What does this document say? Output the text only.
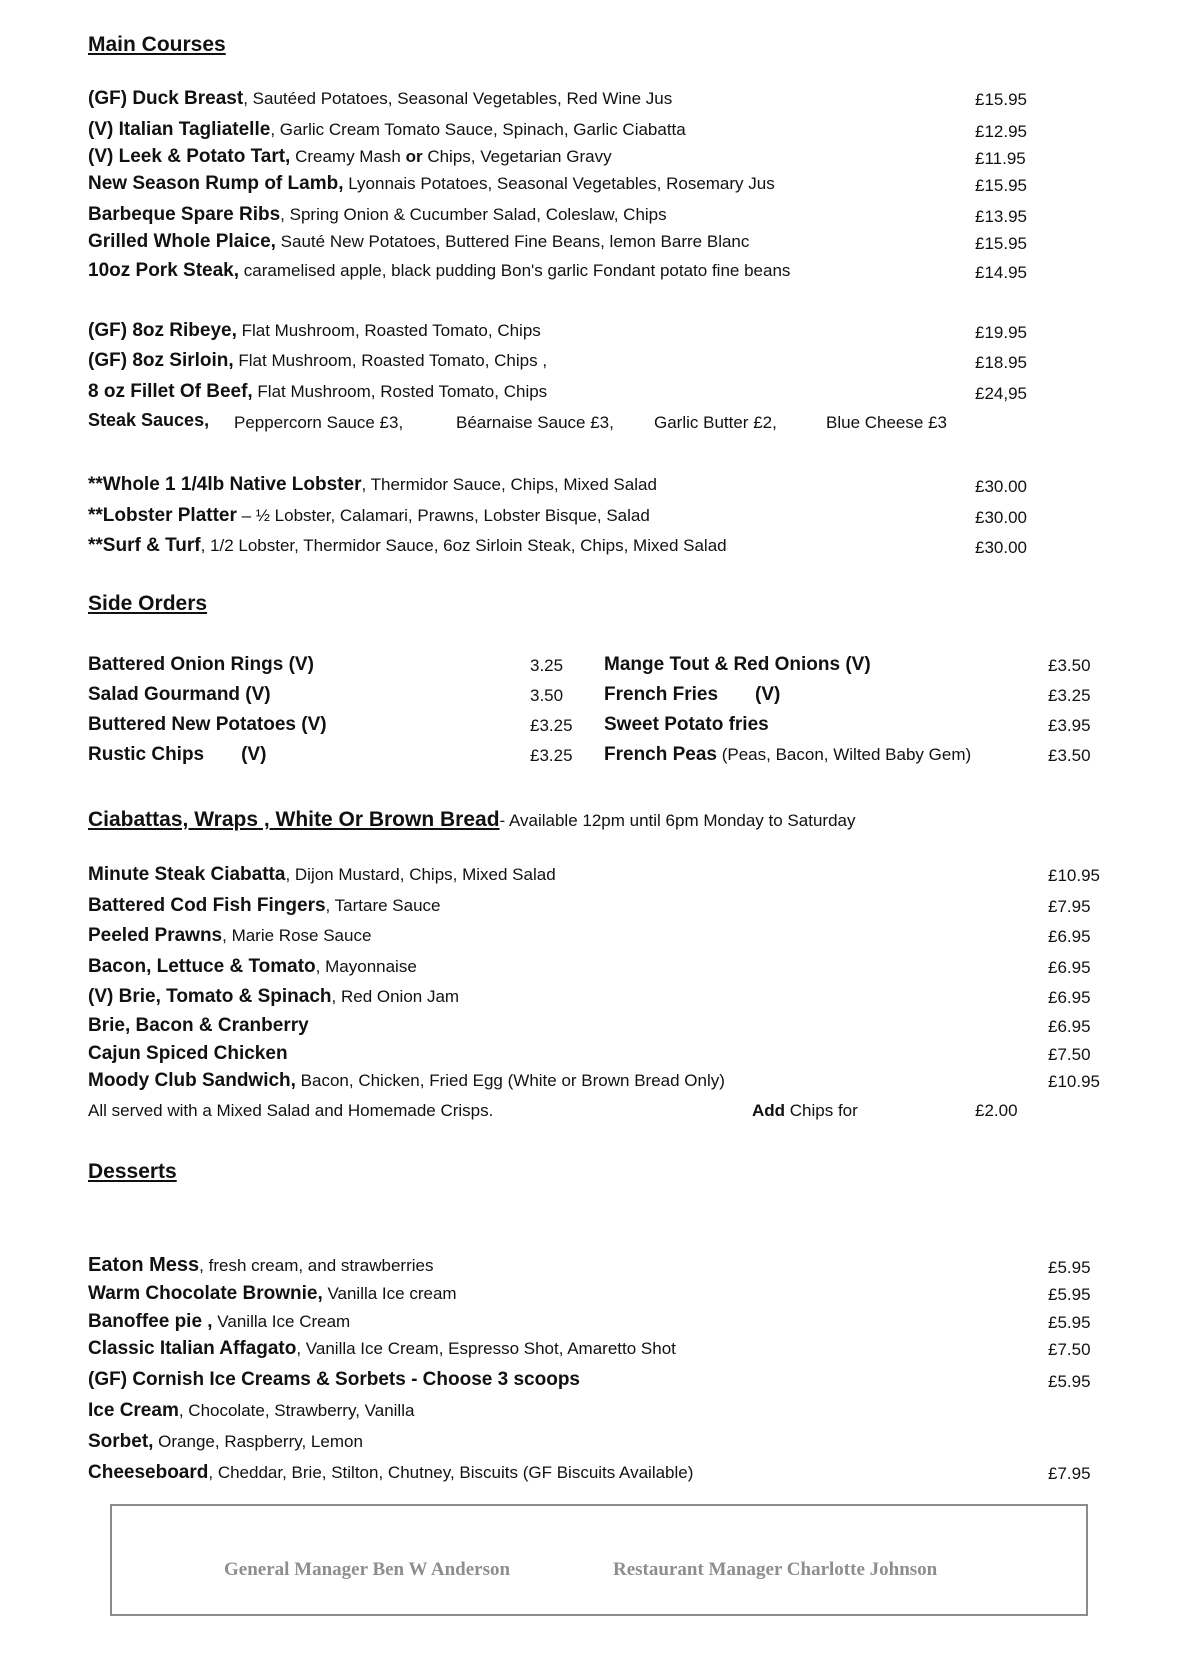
Main Courses
(GF) Duck Breast, Sautéed Potatoes, Seasonal Vegetables, Red Wine Jus	£15.95
(V) Italian Tagliatelle, Garlic Cream Tomato Sauce, Spinach, Garlic Ciabatta	£12.95
(V) Leek & Potato Tart, Creamy Mash or Chips, Vegetarian Gravy	£11.95
New Season Rump of Lamb, Lyonnais Potatoes, Seasonal Vegetables, Rosemary Jus	£15.95
Barbeque Spare Ribs, Spring Onion & Cucumber Salad, Coleslaw, Chips	£13.95
Grilled Whole Plaice, Sauté New Potatoes, Buttered Fine Beans, lemon Barre Blanc	£15.95
10oz Pork Steak, caramelised apple, black pudding Bon's garlic Fondant potato fine beans	£14.95
(GF) 8oz Ribeye, Flat Mushroom, Roasted Tomato, Chips	£19.95
(GF) 8oz Sirloin, Flat Mushroom, Roasted Tomato, Chips ,	£18.95
8 oz Fillet Of Beef, Flat Mushroom, Rosted Tomato, Chips	£24,95
Steak Sauces, Peppercorn Sauce £3,	Béarnaise Sauce £3, Garlic Butter £2,	Blue Cheese £3
**Whole 1 1/4lb Native Lobster, Thermidor Sauce, Chips, Mixed Salad	£30.00
**Lobster Platter – ½ Lobster, Calamari, Prawns, Lobster Bisque, Salad	£30.00
**Surf & Turf, 1/2 Lobster, Thermidor Sauce, 6oz Sirloin Steak, Chips, Mixed Salad	£30.00
Side Orders
Battered Onion Rings (V)	3.25
Salad Gourmand (V)	3.50
Buttered New Potatoes (V)	£3.25
Rustic Chips       (V)	£3.25
Mange Tout & Red Onions (V)	£3.50
French Fries       (V)	£3.25
Sweet Potato fries	£3.95
French Peas (Peas, Bacon, Wilted Baby Gem)	£3.50
Ciabattas, Wraps , White Or Brown Bread- Available 12pm until 6pm Monday to Saturday
Minute Steak Ciabatta, Dijon Mustard, Chips, Mixed Salad	£10.95
Battered Cod Fish Fingers, Tartare Sauce	£7.95
Peeled Prawns, Marie Rose Sauce	£6.95
Bacon, Lettuce & Tomato, Mayonnaise	£6.95
(V) Brie, Tomato & Spinach, Red Onion Jam	£6.95
Brie, Bacon & Cranberry	£6.95
Cajun Spiced Chicken	£7.50
Moody Club Sandwich, Bacon, Chicken, Fried Egg (White or Brown Bread Only)	£10.95
All served with a Mixed Salad and Homemade Crisps.	Add Chips for	£2.00
Desserts
Eaton Mess, fresh cream, and strawberries	£5.95
Warm Chocolate Brownie, Vanilla Ice cream	£5.95
Banoffee pie , Vanilla Ice Cream	£5.95
Classic Italian Affagato, Vanilla Ice Cream, Espresso Shot, Amaretto Shot	£7.50
(GF) Cornish Ice Creams & Sorbets - Choose 3 scoops	£5.95
Ice Cream, Chocolate, Strawberry, Vanilla
Sorbet, Orange, Raspberry, Lemon
Cheeseboard, Cheddar, Brie, Stilton, Chutney, Biscuits (GF Biscuits Available)	£7.95
General Manager Ben W Anderson	Restaurant Manager Charlotte Johnson
